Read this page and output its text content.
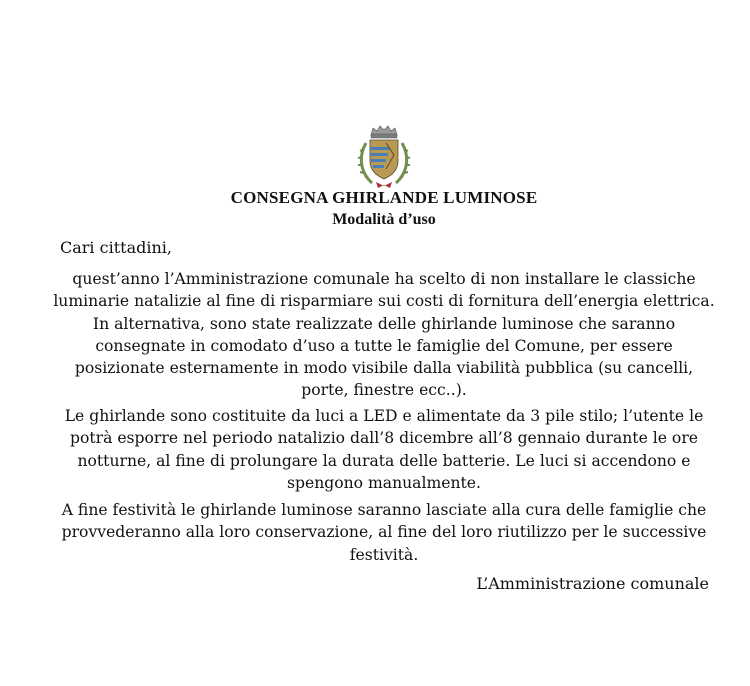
CONSEGNA GHIRLANDE LUMINOSE
Modalità d’uso
Cari cittadini,
quest’anno l’Amministrazione comunale ha scelto di non installare le classiche luminarie natalizie al fine di risparmiare sui costi di fornitura dell’energia elettrica. In alternativa, sono state realizzate delle ghirlande luminose che saranno consegnate in comodato d’uso a tutte le famiglie del Comune, per essere posizionate esternamente in modo visibile dalla viabilità pubblica (su cancelli, porte, finestre ecc..).
Le ghirlande sono costituite da luci a LED e alimentate da 3 pile stilo; l’utente le potrà esporre nel periodo natalizio dall’8 dicembre all’8 gennaio durante le ore notturne, al fine di prolungare la durata delle batterie. Le luci si accendono e spengono manualmente.
A fine festività le ghirlande luminose saranno lasciate alla cura delle famiglie che provvederanno alla loro conservazione, al fine del loro riutilizzo per le successive festività.
L’Amministrazione comunale
